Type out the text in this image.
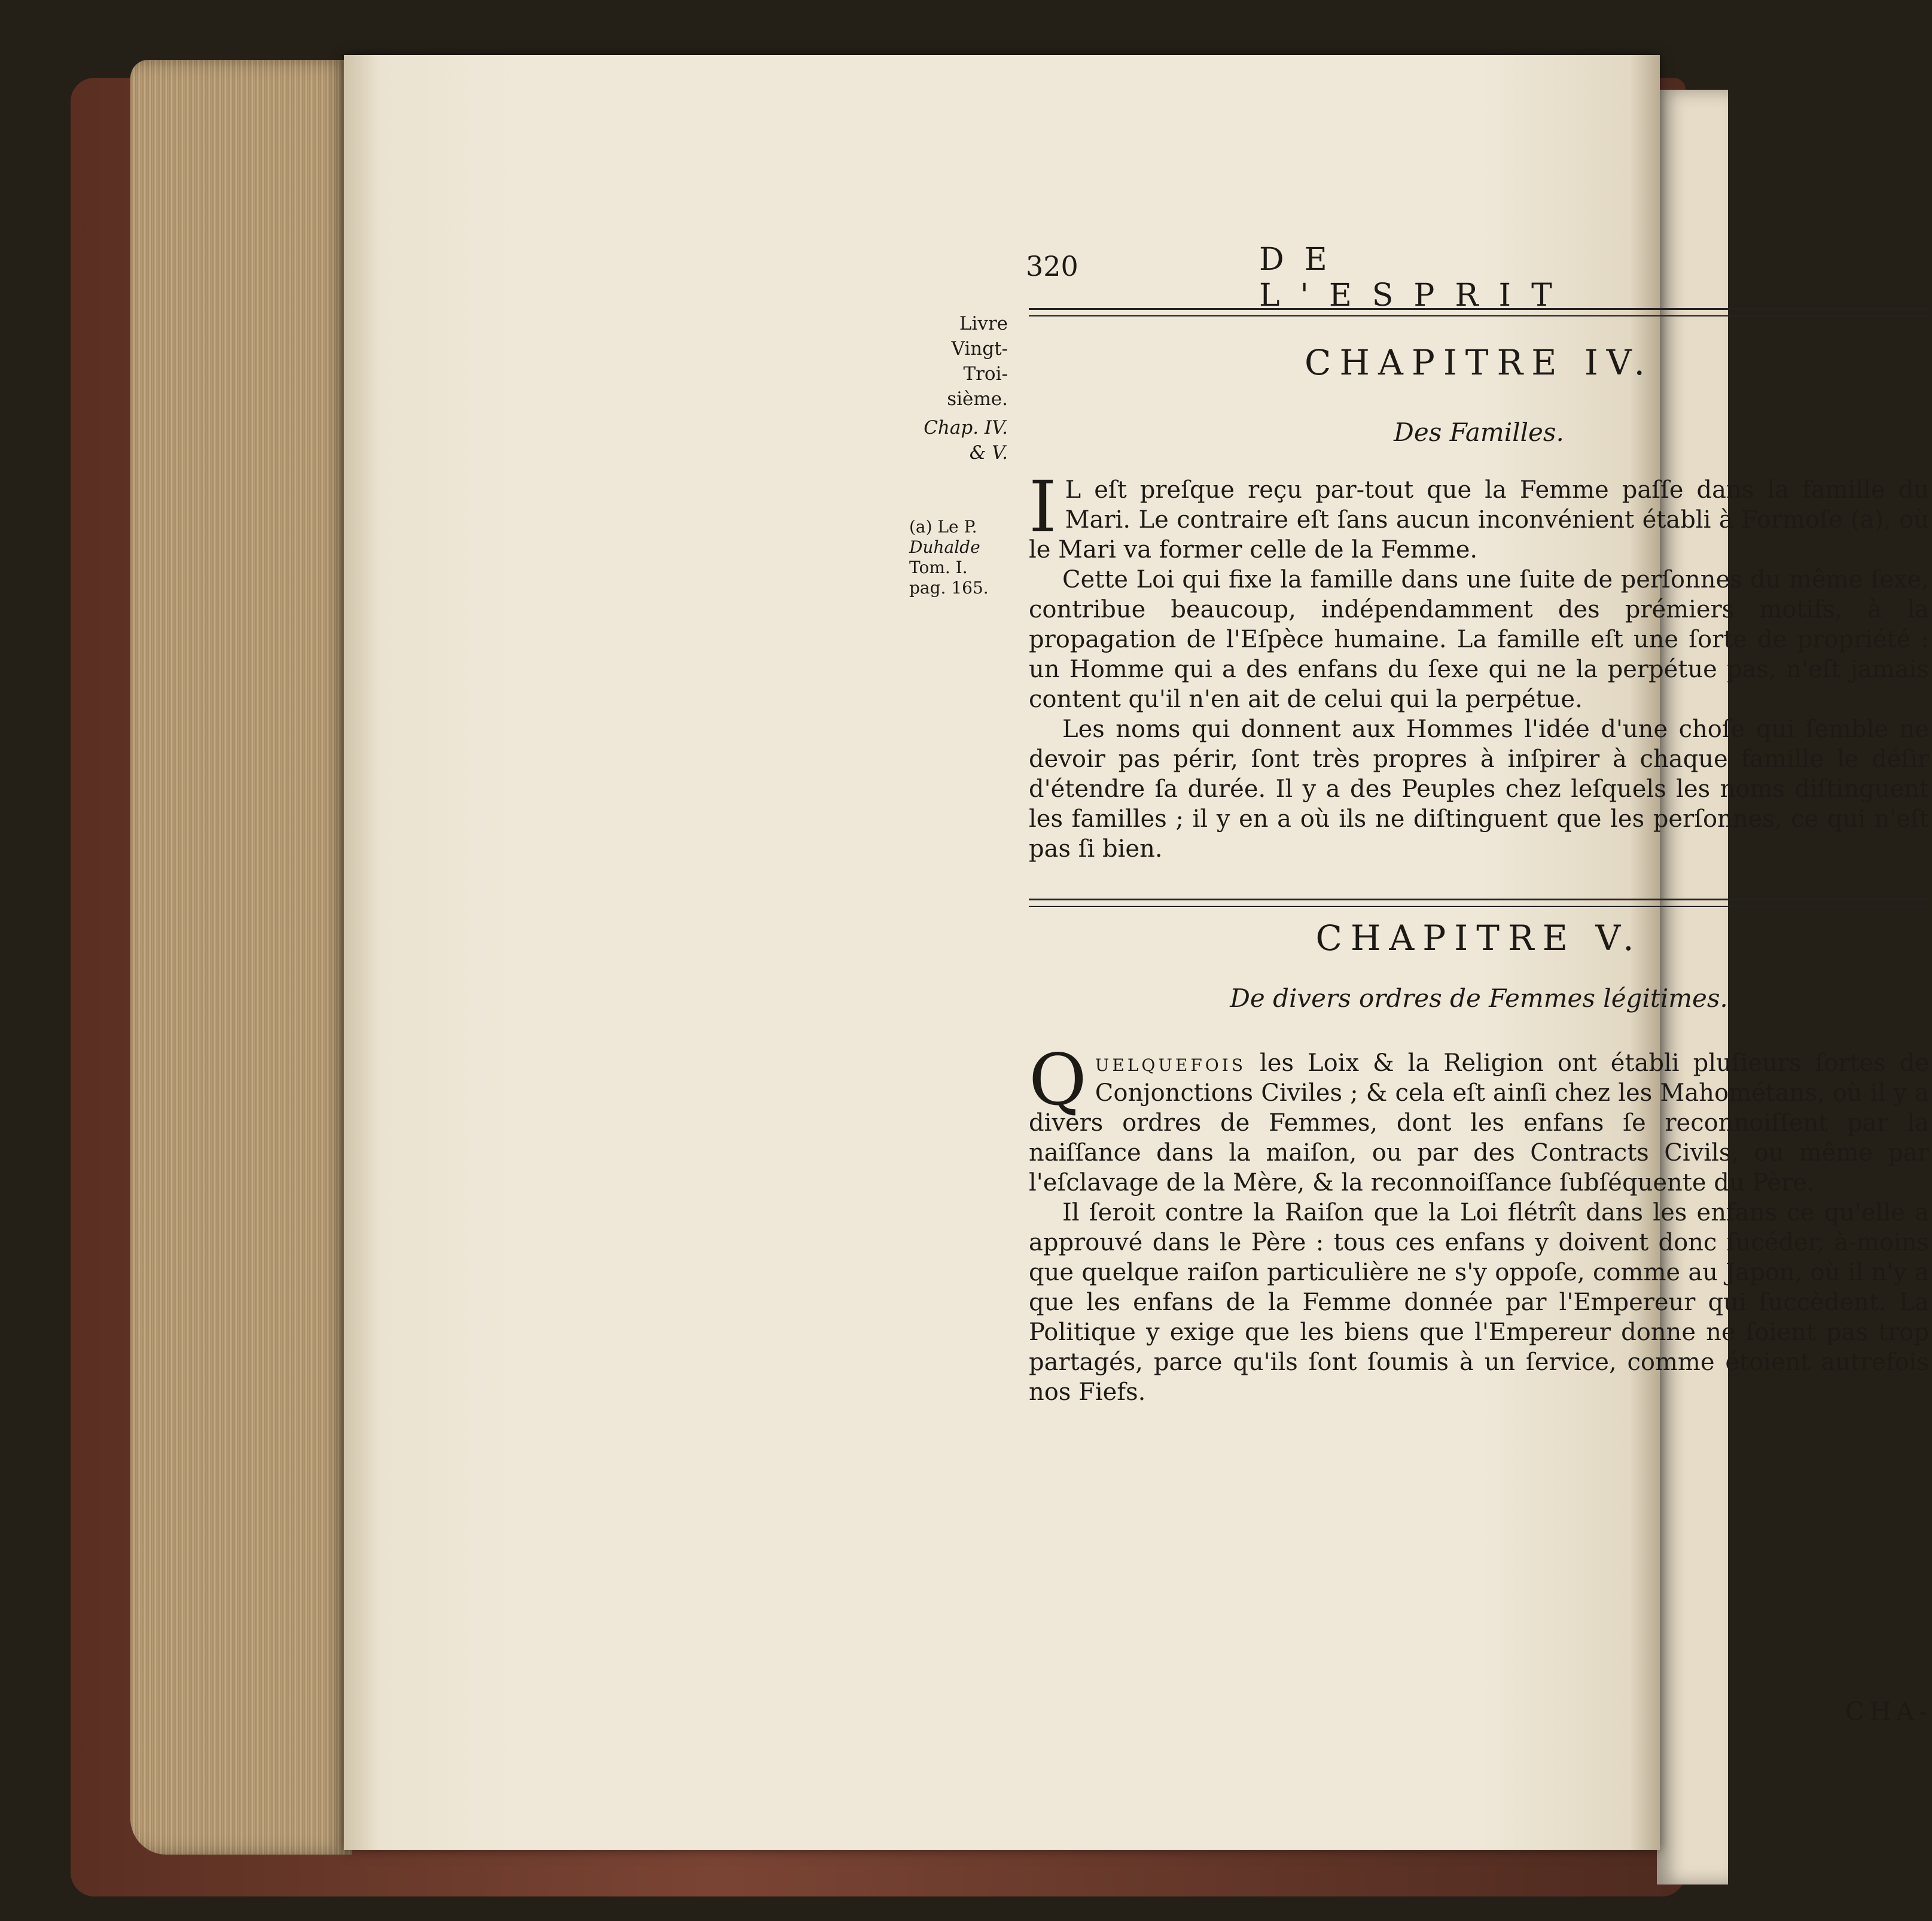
320	DE L'ESPRIT
Livre
Vingt-
Troi-
sième.
Chap. IV.
& V.
(a) Le P.
Duhalde
Tom. I.
pag. 165.
CHAPITRE IV.

Des Familles.

I L eſt preſque reçu par-tout que la Femme paſſe dans la famille du Mari. Le contraire eſt ſans aucun inconvénient établi à Formoſe (a), où le Mari va former celle de la Femme.

Cette Loi qui fixe la famille dans une ſuite de perſonnes du même ſexe, contribue beaucoup, indépendamment des prémiers motifs, à la propagation de l'Eſpèce humaine. La famille eſt une ſorte de propriété : un Homme qui a des enfans du ſexe qui ne la perpétue pas, n'eſt jamais content qu'il n'en ait de celui qui la perpétue.

Les noms qui donnent aux Hommes l'idée d'une choſe qui ſemble ne devoir pas périr, ſont très propres à inſpirer à chaque famille le déſir d'étendre ſa durée. Il y a des Peuples chez leſquels les noms diſtinguent les familles ; il y en a où ils ne diſtinguent que les perſonnes, ce qui n'eſt pas ſi bien.

CHAPITRE V.

De divers ordres de Femmes légitimes.

Quelquefois les Loix & la Religion ont établi pluſieurs ſortes de Conjonctions Civiles ; & cela eſt ainſi chez les Mahométans, où il y a divers ordres de Femmes, dont les enfans ſe reconnoiſſent par la naiſſance dans la maiſon, ou par des Contracts Civils, ou même par l'eſclavage de la Mère, & la reconnoiſſance ſubſéquente du Père.

Il ſeroit contre la Raiſon que la Loi flétrît dans les enfans ce qu'elle a approuvé dans le Père : tous ces enfans y doivent donc ſucéder, à-moins que quelque raiſon particulière ne s'y oppoſe, comme au Japon, où il n'y a que les enfans de la Femme donnée par l'Empereur qui ſuccèdent. La Politique y exige que les biens que l'Empereur donne ne ſoient pas trop partagés, parce qu'ils ſont ſoumis à un ſervice, comme étoient autrefois nos Fiefs.

CHA-
